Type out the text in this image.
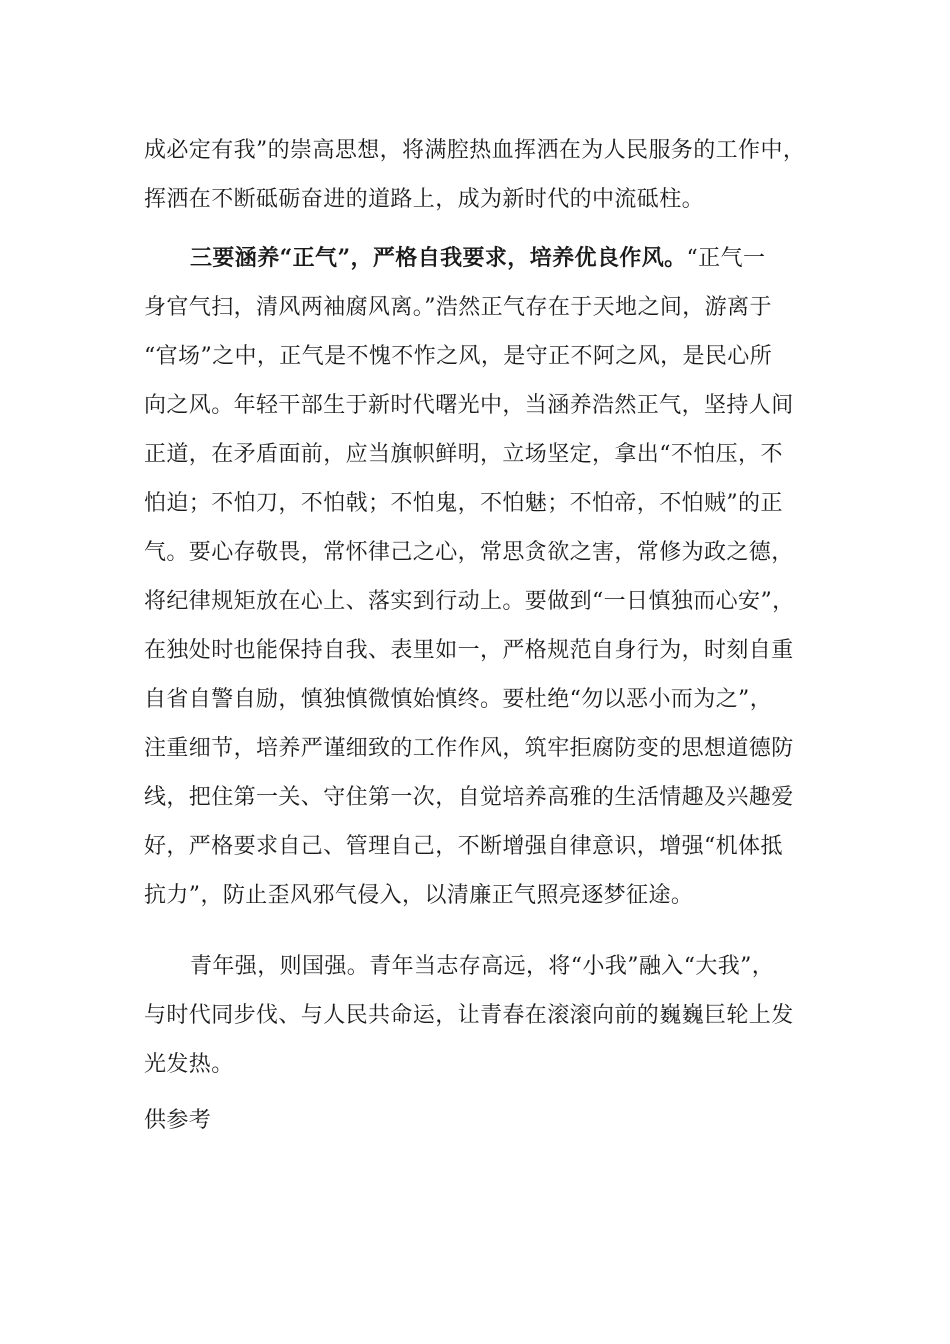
成必定有我”的崇高思想，将满腔热血挥洒在为人民服务的工作中，
挥洒在不断砥砺奋进的道路上，成为新时代的中流砥柱。
三要涵养“正气”，严格自我要求，培养优良作风。“正气一
身官气扫，清风两袖腐风离。”浩然正气存在于天地之间，游离于
“官场”之中，正气是不愧不怍之风，是守正不阿之风，是民心所
向之风。年轻干部生于新时代曙光中，当涵养浩然正气，坚持人间
正道，在矛盾面前，应当旗帜鲜明，立场坚定，拿出“不怕压，不
怕迫；不怕刀，不怕戟；不怕鬼，不怕魅；不怕帝，不怕贼”的正
气。要心存敬畏，常怀律己之心，常思贪欲之害，常修为政之德，
将纪律规矩放在心上、落实到行动上。要做到“一日慎独而心安”，
在独处时也能保持自我、表里如一，严格规范自身行为，时刻自重
自省自警自励，慎独慎微慎始慎终。要杜绝“勿以恶小而为之”，
注重细节，培养严谨细致的工作作风，筑牢拒腐防变的思想道德防
线，把住第一关、守住第一次，自觉培养高雅的生活情趣及兴趣爱
好，严格要求自己、管理自己，不断增强自律意识，增强“机体抵
抗力”，防止歪风邪气侵入，以清廉正气照亮逐梦征途。
青年强，则国强。青年当志存高远，将“小我”融入“大我”，
与时代同步伐、与人民共命运，让青春在滚滚向前的巍巍巨轮上发
光发热。
供参考
